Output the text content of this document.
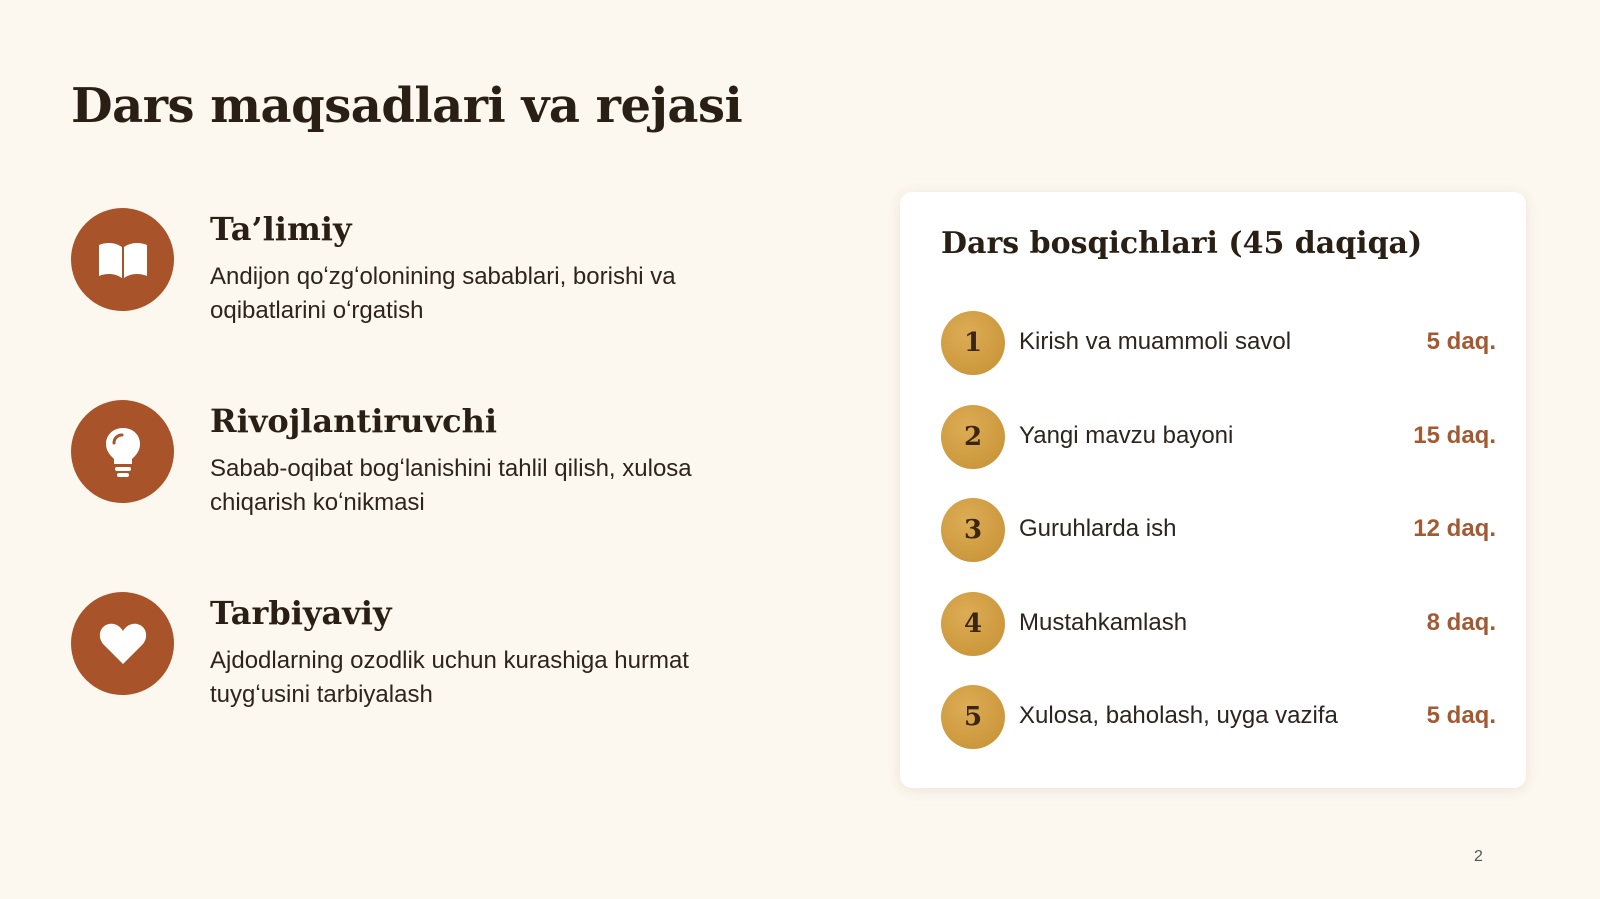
Dars maqsadlari va rejasi
Ta’limiy
Andijon qoʻzgʻolonining sabablari, borishi va oqibatlarini oʻrgatish
Rivojlantiruvchi
Sabab-oqibat bogʻlanishini tahlil qilish, xulosa chiqarish koʻnikmasi
Tarbiyaviy
Ajdodlarning ozodlik uchun kurashiga hurmat tuygʻusini tarbiyalash
Dars bosqichlari (45 daqiqa)
1	Kirish va muammoli savol	5 daq.
2	Yangi mavzu bayoni	15 daq.
3	Guruhlarda ish	12 daq.
4	Mustahkamlash	8 daq.
5	Xulosa, baholash, uyga vazifa	5 daq.
2
